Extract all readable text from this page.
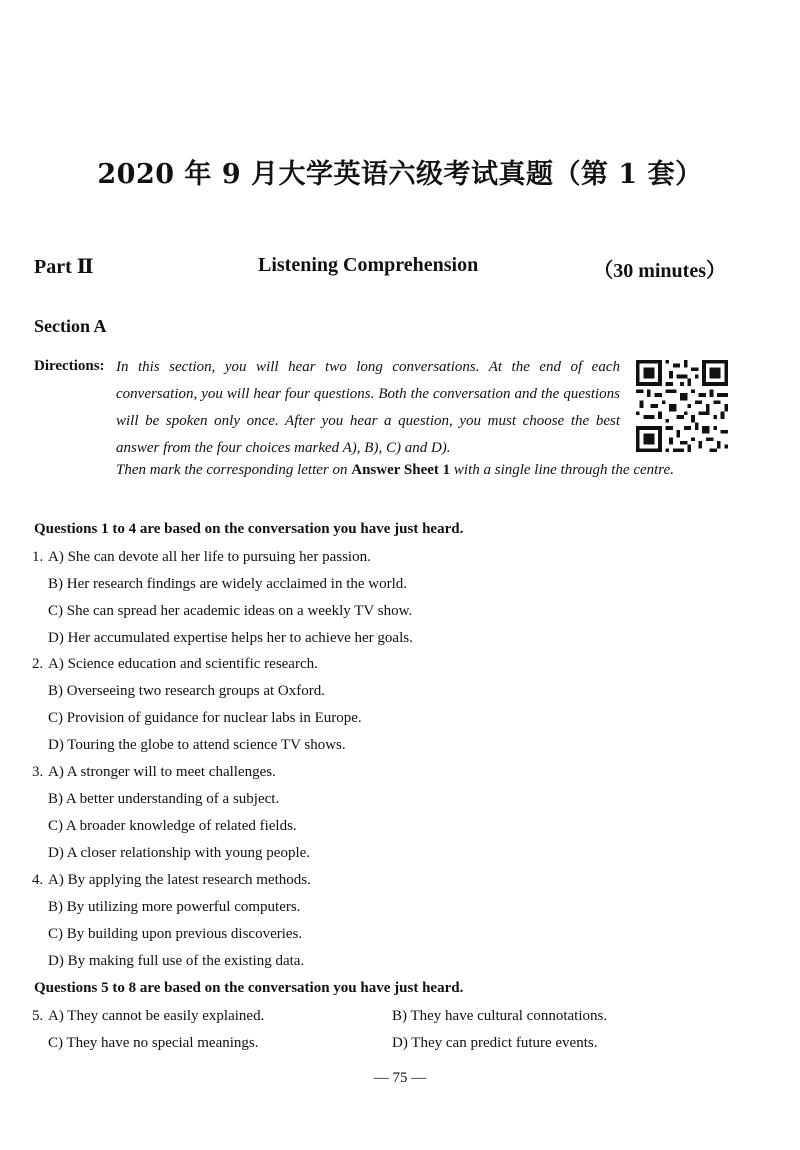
2020 年 9 月大学英语六级考试真题（第 1 套）
Part Ⅱ	Listening Comprehension	（30 minutes）
Section A
Directions: In this section, you will hear two long conversations. At the end of each conversation, you will hear four questions. Both the conversation and the questions will be spoken only once. After you hear a question, you must choose the best answer from the four choices marked A), B), C) and D).
Then mark the corresponding letter on Answer Sheet 1 with a single line through the centre.
Questions 1 to 4 are based on the conversation you have just heard.
1. A) She can devote all her life to pursuing her passion.
B) Her research findings are widely acclaimed in the world.
C) She can spread her academic ideas on a weekly TV show.
D) Her accumulated expertise helps her to achieve her goals.
2. A) Science education and scientific research.
B) Overseeing two research groups at Oxford.
C) Provision of guidance for nuclear labs in Europe.
D) Touring the globe to attend science TV shows.
3. A) A stronger will to meet challenges.
B) A better understanding of a subject.
C) A broader knowledge of related fields.
D) A closer relationship with young people.
4. A) By applying the latest research methods.
B) By utilizing more powerful computers.
C) By building upon previous discoveries.
D) By making full use of the existing data.
Questions 5 to 8 are based on the conversation you have just heard.
5. A) They cannot be easily explained.	B) They have cultural connotations.
C) They have no special meanings.	D) They can predict future events.
— 75 —
